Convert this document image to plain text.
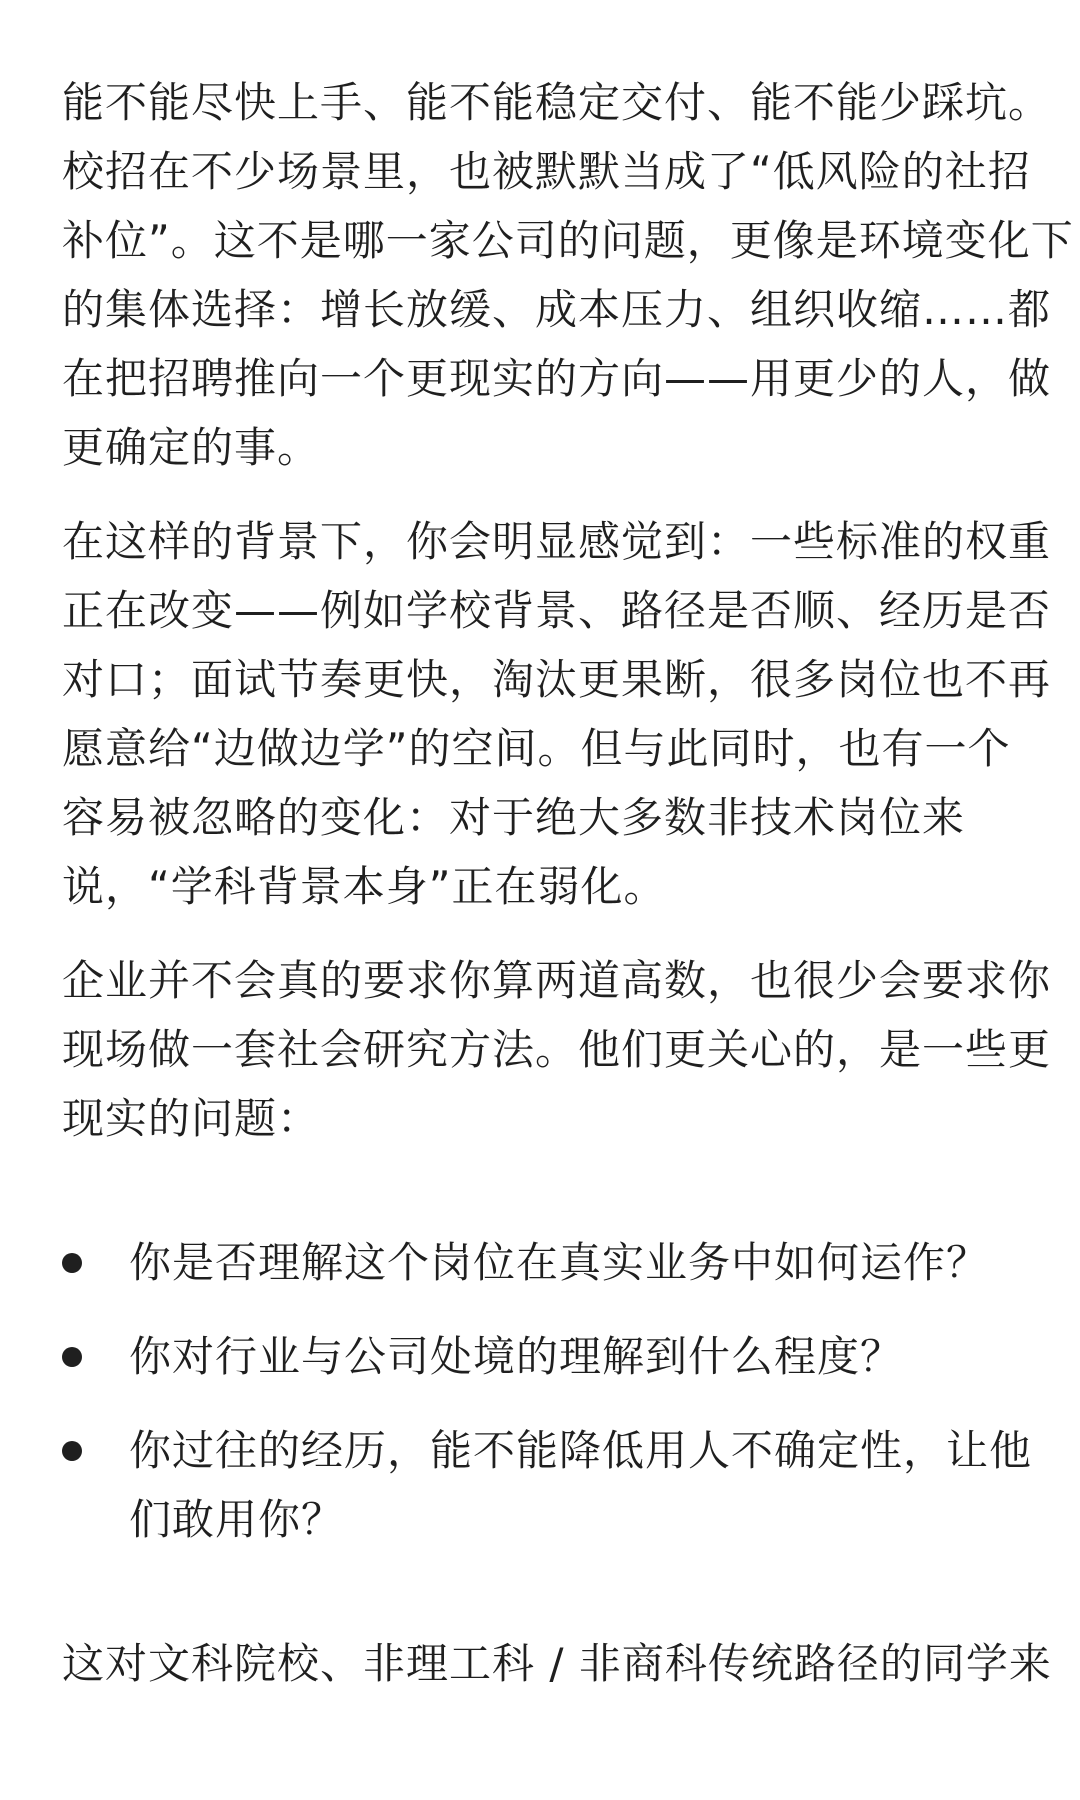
能不能尽快上手、能不能稳定交付、能不能少踩坑。
校招在不少场景里，也被默默当成了“低风险的社招
补位”。这不是哪一家公司的问题，更像是环境变化下
的集体选择：增长放缓、成本压力、组织收缩……都
在把招聘推向一个更现实的方向——用更少的人，做
更确定的事。

在这样的背景下，你会明显感觉到：一些标准的权重
正在改变——例如学校背景、路径是否顺、经历是否
对口；面试节奏更快，淘汰更果断，很多岗位也不再
愿意给“边做边学”的空间。但与此同时，也有一个
容易被忽略的变化：对于绝大多数非技术岗位来
说，“学科背景本身”正在弱化。

企业并不会真的要求你算两道高数，也很少会要求你
现场做一套社会研究方法。他们更关心的，是一些更
现实的问题：

你是否理解这个岗位在真实业务中如何运作？
你对行业与公司处境的理解到什么程度？
你过往的经历，能不能降低用人不确定性，让他
们敢用你？

这对文科院校、非理工科 / 非商科传统路径的同学来
